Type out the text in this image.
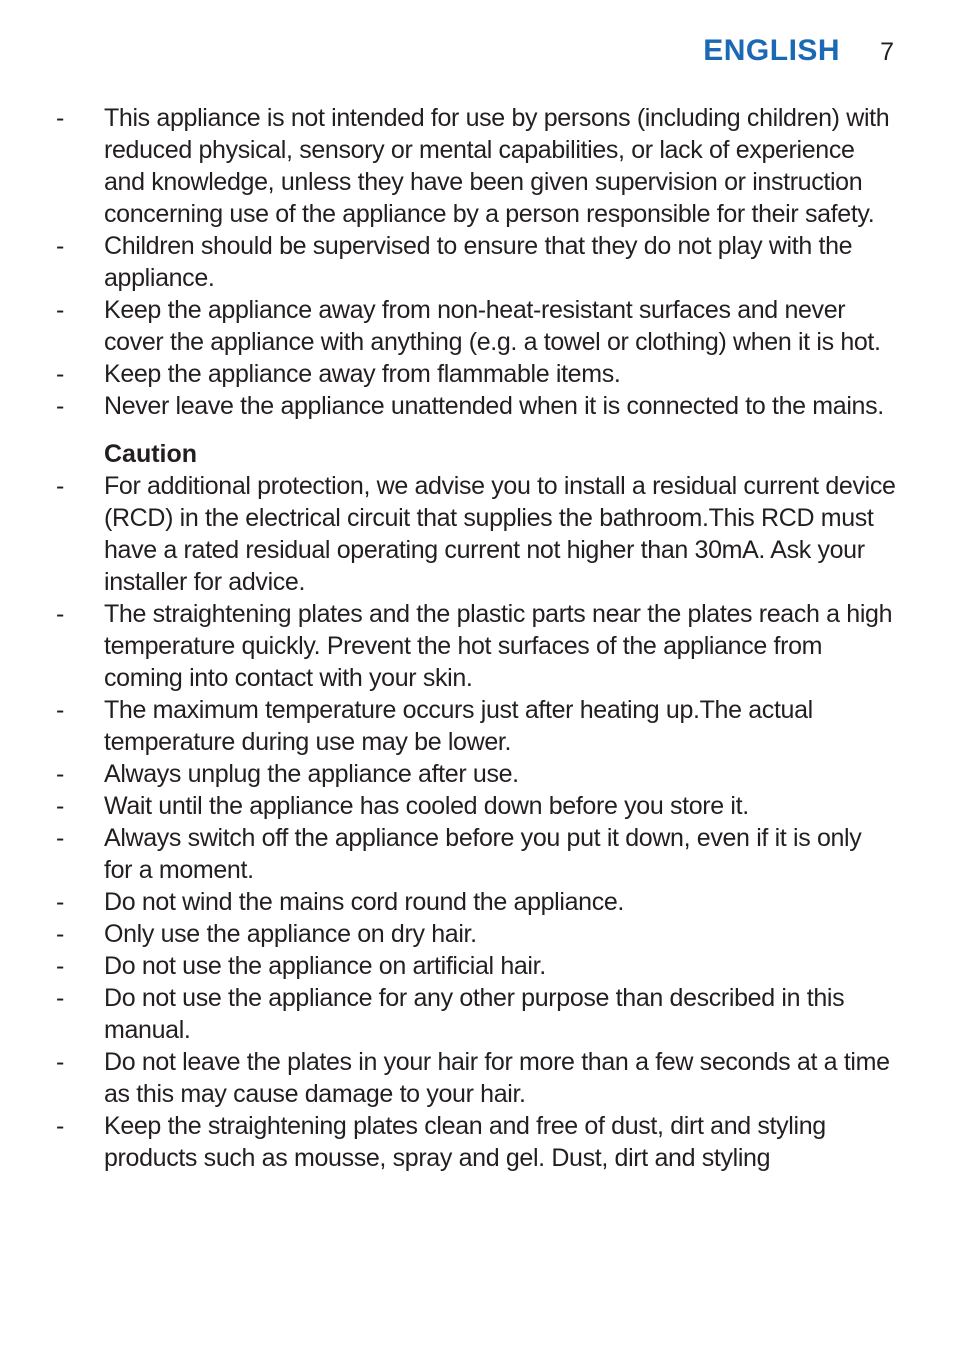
ENGLISH 7
-	This appliance is not intended for use by persons (including children) with reduced physical, sensory or mental capabilities, or lack of experience and knowledge, unless they have been given supervision or instruction concerning use of the appliance by a person responsible for their safety.
-	Children should be supervised to ensure that they do not play with the appliance.
-	Keep the appliance away from non-heat-resistant surfaces and never cover the appliance with anything (e.g. a towel or clothing) when it is hot.
-	Keep the appliance away from flammable items.
-	Never leave the appliance unattended when it is connected to the mains.
Caution
-	For additional protection, we advise you to install a residual current device (RCD) in the electrical circuit that supplies the bathroom.This RCD must have a rated residual operating current not higher than 30mA. Ask your installer for advice.
-	The straightening plates and the plastic parts near the plates reach a high temperature quickly. Prevent the hot surfaces of the appliance from coming into contact with your skin.
-	The maximum temperature occurs just after heating up.The actual temperature during use may be lower.
-	Always unplug the appliance after use.
-	Wait until the appliance has cooled down before you store it.
-	Always switch off the appliance before you put it down, even if it is only for a moment.
-	Do not wind the mains cord round the appliance.
-	Only use the appliance on dry hair.
-	Do not use the appliance on artificial hair.
-	Do not use the appliance for any other purpose than described in this manual.
-	Do not leave the plates in your hair for more than a few seconds at a time as this may cause damage to your hair.
-	Keep the straightening plates clean and free of dust, dirt and styling products such as mousse, spray and gel. Dust, dirt and styling
